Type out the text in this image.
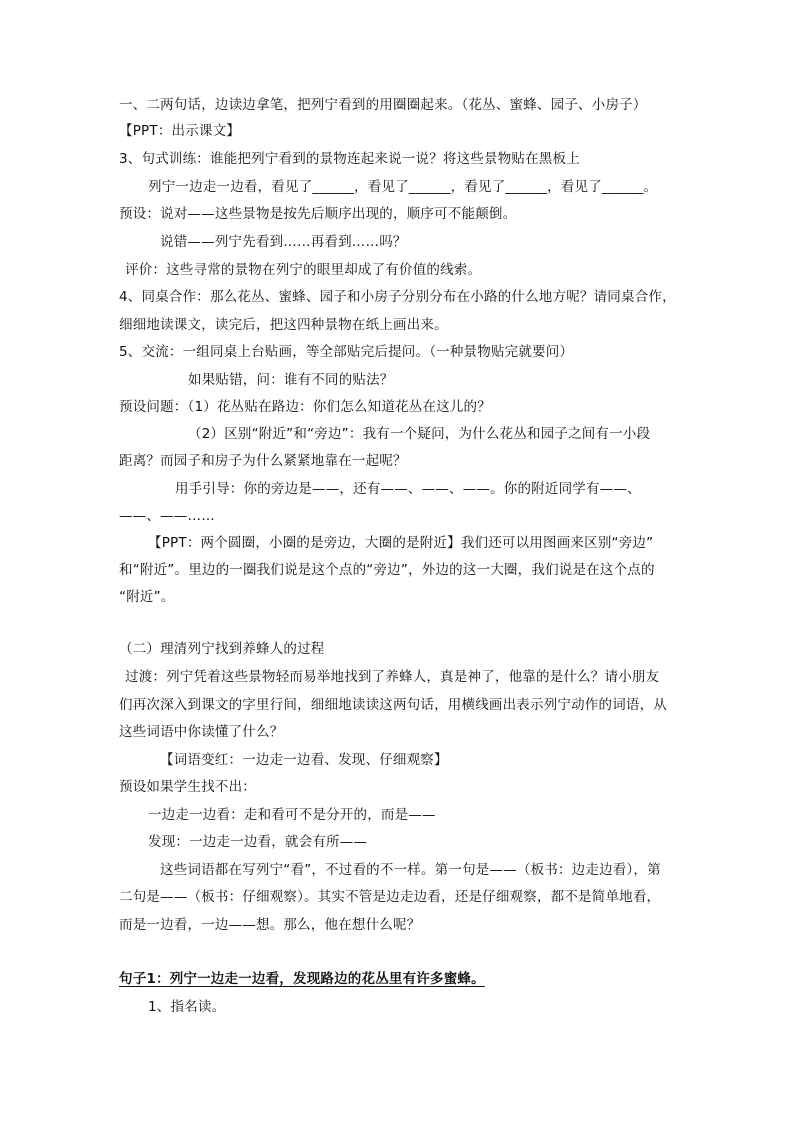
一、二两句话，边读边拿笔，把列宁看到的用圈圈起来。（花丛、蜜蜂、园子、小房子）
【PPT：出示课文】
3、句式训练：谁能把列宁看到的景物连起来说一说？将这些景物贴在黑板上
列宁一边走一边看，看见了______，看见了______，看见了______，看见了______。
预设：说对——这些景物是按先后顺序出现的，顺序可不能颠倒。
说错——列宁先看到……再看到……吗？
评价：这些寻常的景物在列宁的眼里却成了有价值的线索。
4、同桌合作：那么花丛、蜜蜂、园子和小房子分别分布在小路的什么地方呢？请同桌合作，
细细地读课文，读完后，把这四种景物在纸上画出来。
5、交流：一组同桌上台贴画，等全部贴完后提问。（一种景物贴完就要问）
如果贴错，问：谁有不同的贴法？
预设问题：（1）花丛贴在路边：你们怎么知道花丛在这儿的？
（2）区别“附近”和“旁边”：我有一个疑问，为什么花丛和园子之间有一小段
距离？而园子和房子为什么紧紧地靠在一起呢？
用手引导：你的旁边是——，还有——、——、——。你的附近同学有——、
——、——……
【PPT：两个圆圈，小圈的是旁边，大圈的是附近】我们还可以用图画来区别“旁边”
和“附近”。里边的一圈我们说是这个点的“旁边”，外边的这一大圈，我们说是在这个点的
“附近”。
（二）理清列宁找到养蜂人的过程
过渡：列宁凭着这些景物轻而易举地找到了养蜂人，真是神了，他靠的是什么？请小朋友
们再次深入到课文的字里行间，细细地读读这两句话，用横线画出表示列宁动作的词语，从
这些词语中你读懂了什么？
【词语变红：一边走一边看、发现、仔细观察】
预设如果学生找不出：
一边走一边看：走和看可不是分开的，而是——
发现：一边走一边看，就会有所——
这些词语都在写列宁“看”，不过看的不一样。第一句是——（板书：边走边看），第
二句是——（板书：仔细观察）。其实不管是边走边看，还是仔细观察，都不是简单地看，
而是一边看，一边——想。那么，他在想什么呢？
句子1：列宁一边走一边看，发现路边的花丛里有许多蜜蜂。
1、指名读。
